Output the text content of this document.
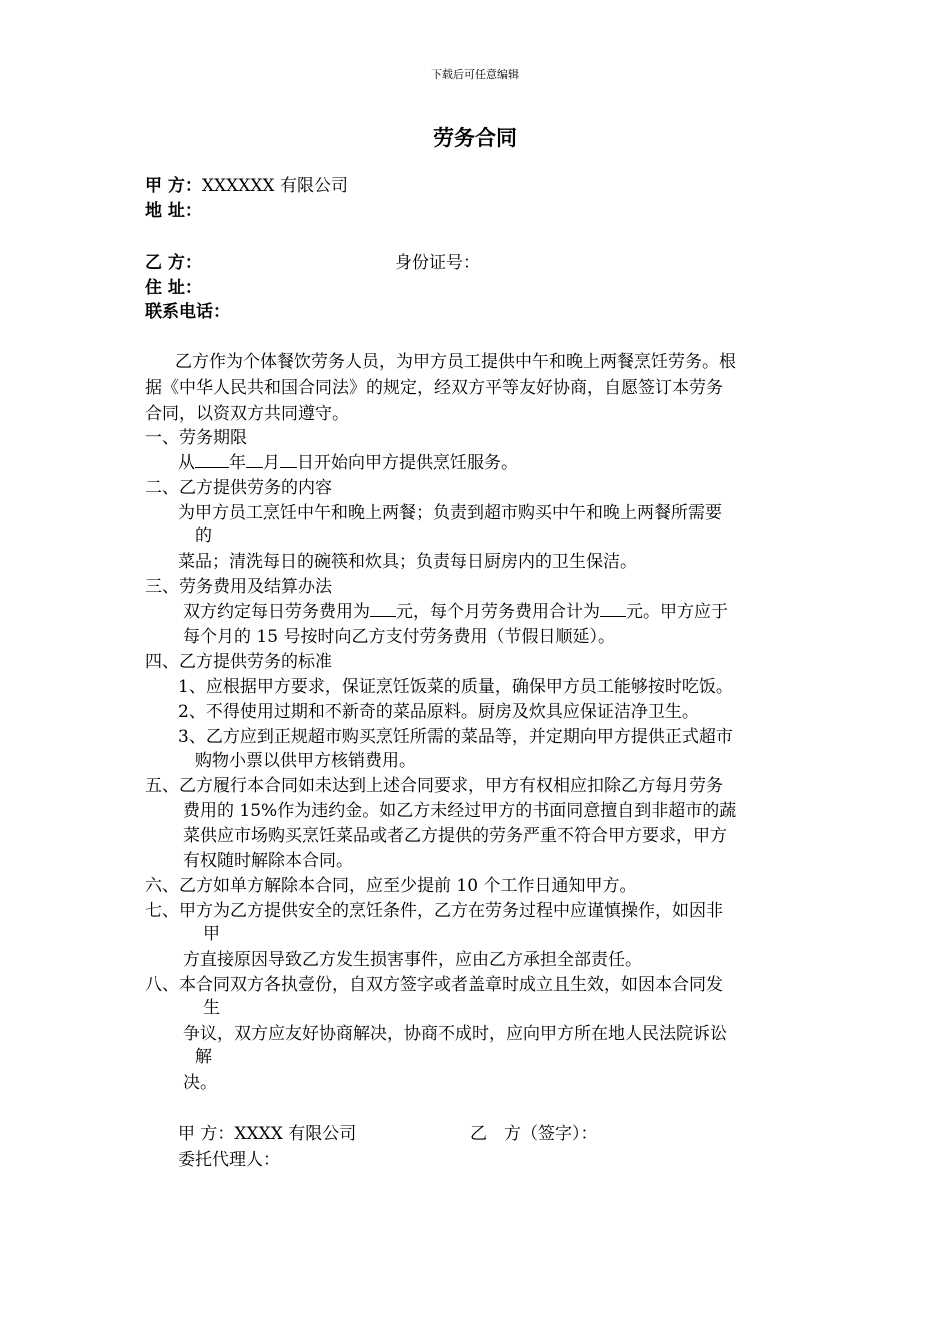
下载后可任意编辑
劳务合同
甲 方：XXXXXX 有限公司
地 址：
乙 方：	身份证号：
住 址：
联系电话：
乙方作为个体餐饮劳务人员，为甲方员工提供中午和晚上两餐烹饪劳务。根
据《中华人民共和国合同法》的规定，经双方平等友好协商，自愿签订本劳务
合同，以资双方共同遵守。
一、劳务期限
从 年 月 日开始向甲方提供烹饪服务。
二、乙方提供劳务的内容
为甲方员工烹饪中午和晚上两餐；负责到超市购买中午和晚上两餐所需要
的
菜品；清洗每日的碗筷和炊具；负责每日厨房内的卫生保洁。
三、劳务费用及结算办法
双方约定每日劳务费用为 元，每个月劳务费用合计为 元。甲方应于
每个月的 15 号按时向乙方支付劳务费用（节假日顺延）。
四、乙方提供劳务的标准
1、应根据甲方要求，保证烹饪饭菜的质量，确保甲方员工能够按时吃饭。
2、不得使用过期和不新奇的菜品原料。厨房及炊具应保证洁净卫生。
3、乙方应到正规超市购买烹饪所需的菜品等，并定期向甲方提供正式超市
购物小票以供甲方核销费用。
五、乙方履行本合同如未达到上述合同要求，甲方有权相应扣除乙方每月劳务
费用的 15%作为违约金。如乙方未经过甲方的书面同意擅自到非超市的蔬
菜供应市场购买烹饪菜品或者乙方提供的劳务严重不符合甲方要求，甲方
有权随时解除本合同。
六、乙方如单方解除本合同，应至少提前 10 个工作日通知甲方。
七、甲方为乙方提供安全的烹饪条件，乙方在劳务过程中应谨慎操作，如因非
甲
方直接原因导致乙方发生损害事件，应由乙方承担全部责任。
八、本合同双方各执壹份，自双方签字或者盖章时成立且生效，如因本合同发
生
争议，双方应友好协商解决，协商不成时，应向甲方所在地人民法院诉讼
解
决。
甲 方：XXXX 有限公司	乙　方（签字）：
委托代理人：
